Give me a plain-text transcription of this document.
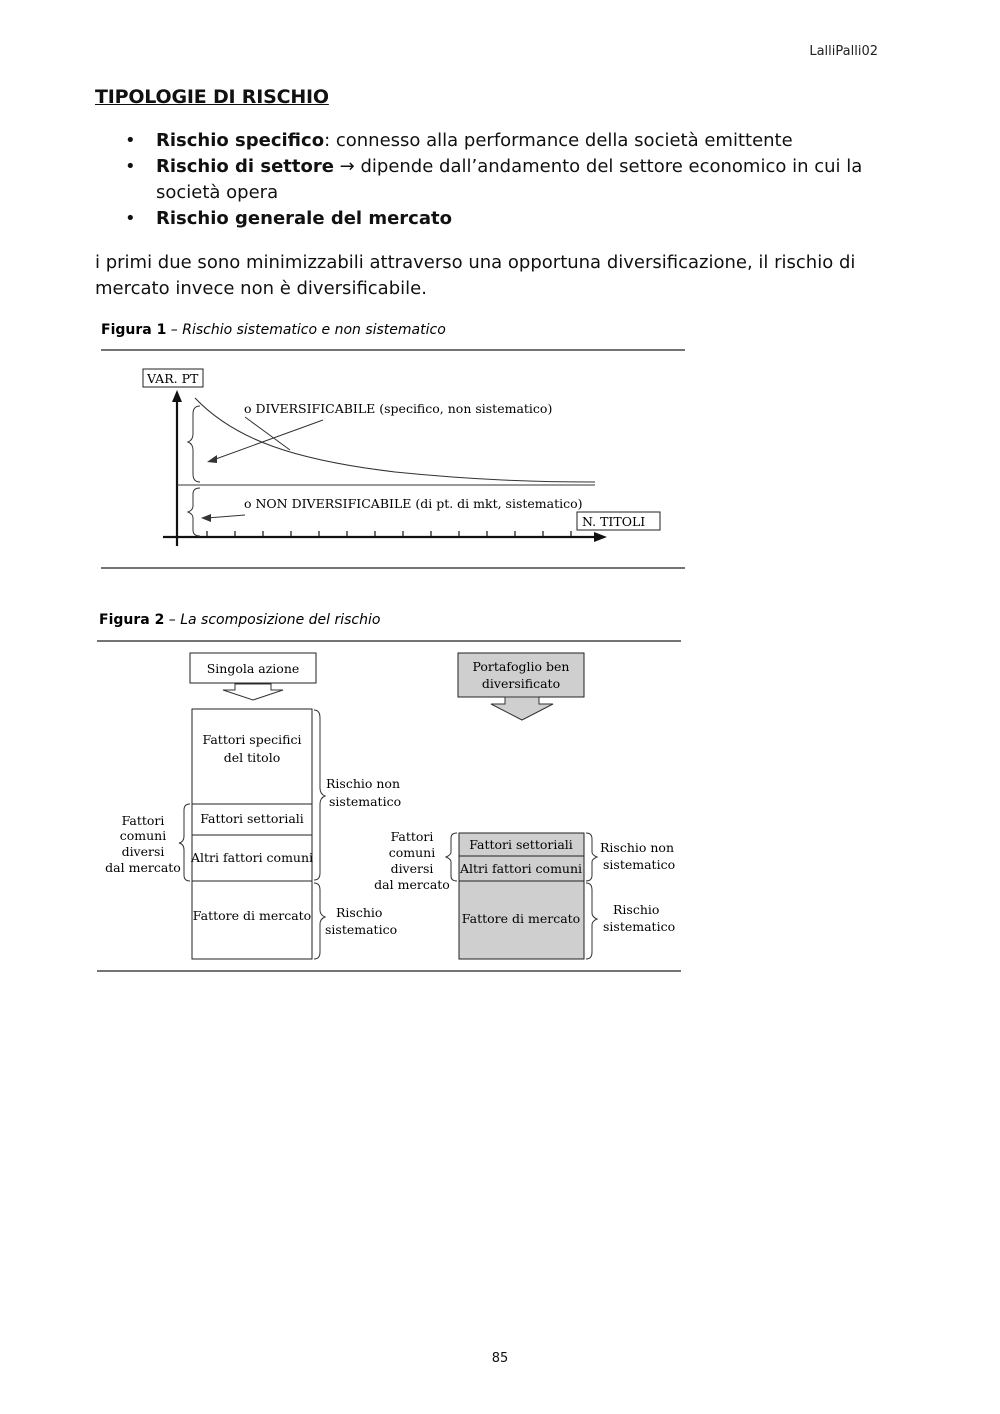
LalliPalli02
TIPOLOGIE DI RISCHIO
• Rischio specifico: connesso alla performance della società emittente
• Rischio di settore → dipende dall’andamento del settore economico in cui la società opera
• Rischio generale del mercato

i primi due sono minimizzabili attraverso una opportuna diversificazione, il rischio di mercato invece non è diversificabile.

Figura 1 – Rischio sistematico e non sistematico
VAR. PT
o DIVERSIFICABILE (specifico, non sistematico)
o NON DIVERSIFICABILE (di pt. di mkt, sistematico)
N. TITOLI
Figura 2 – La scomposizione del rischio
Singola azione	Portafoglio ben
diversificato
Fattori specifici
del titolo
Fattori settoriali
Altri fattori comuni
Fattore di mercato
Fattori
comuni
diversi
dal mercato
Rischio non
sistematico
Rischio
sistematico
Fattori
comuni
diversi
dal mercato
Fattori settoriali
Altri fattori comuni
Fattore di mercato
Rischio non
sistematico
Rischio
sistematico
85
